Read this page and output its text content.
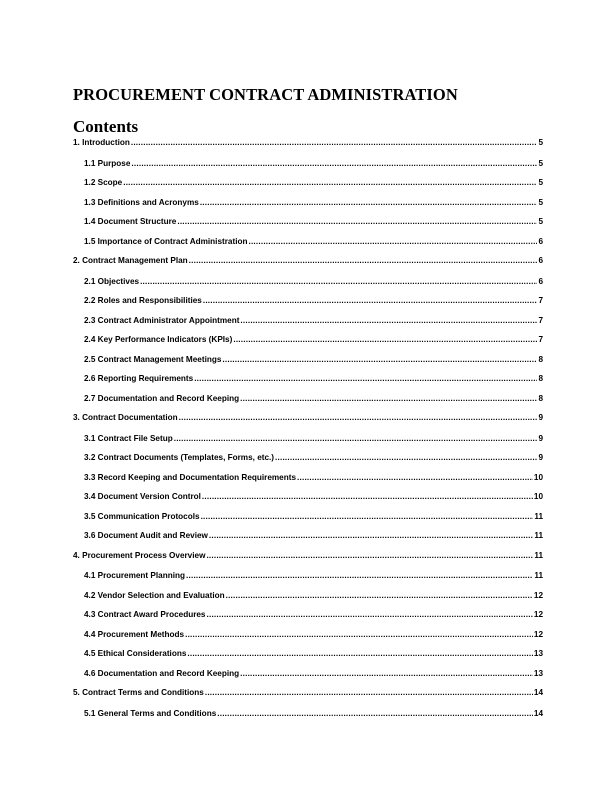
PROCUREMENT CONTRACT ADMINISTRATION
Contents
1. Introduction .....	5
1.1 Purpose .....	5
1.2 Scope .....	5
1.3 Definitions and Acronyms .....	5
1.4 Document Structure .....	5
1.5 Importance of Contract Administration .....	6
2. Contract Management Plan .....	6
2.1 Objectives .....	6
2.2 Roles and Responsibilities .....	7
2.3 Contract Administrator Appointment .....	7
2.4 Key Performance Indicators (KPIs) .....	7
2.5 Contract Management Meetings .....	8
2.6 Reporting Requirements .....	8
2.7 Documentation and Record Keeping .....	8
3. Contract Documentation .....	9
3.1 Contract File Setup .....	9
3.2 Contract Documents (Templates, Forms, etc.) .....	9
3.3 Record Keeping and Documentation Requirements .....	10
3.4 Document Version Control .....	10
3.5 Communication Protocols .....	11
3.6 Document Audit and Review .....	11
4. Procurement Process Overview .....	11
4.1 Procurement Planning .....	11
4.2 Vendor Selection and Evaluation .....	12
4.3 Contract Award Procedures .....	12
4.4 Procurement Methods .....	12
4.5 Ethical Considerations .....	13
4.6 Documentation and Record Keeping .....	13
5. Contract Terms and Conditions .....	14
5.1 General Terms and Conditions .....	14
